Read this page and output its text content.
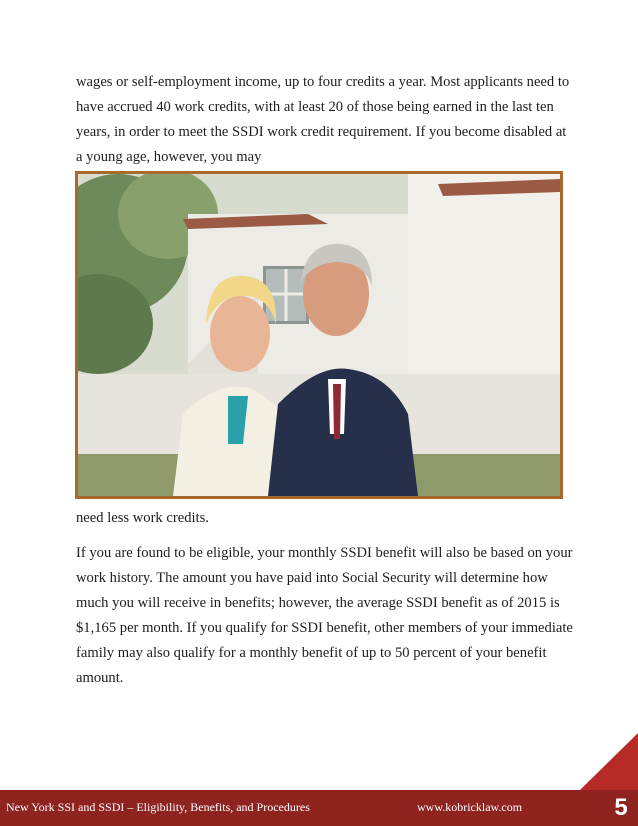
wages or self-employment income, up to four credits a year. Most applicants need to have accrued 40 work credits, with at least 20 of those being earned in the last ten years, in order to meet the SSDI work credit requirement. If you become disabled at a young age, however, you may

need less work credits.

If you are found to be eligible, your monthly SSDI benefit will also be based on your work history. The amount you have paid into Social Security will determine how much you will receive in benefits; however, the average SSDI benefit as of 2015 is $1,165 per month. If you qualify for SSDI benefit, other members of your immediate family may also qualify for a monthly benefit of up to 50 percent of your benefit amount.

New York SSI and SSDI – Eligibility, Benefits, and Procedures	www.kobricklaw.com	5
